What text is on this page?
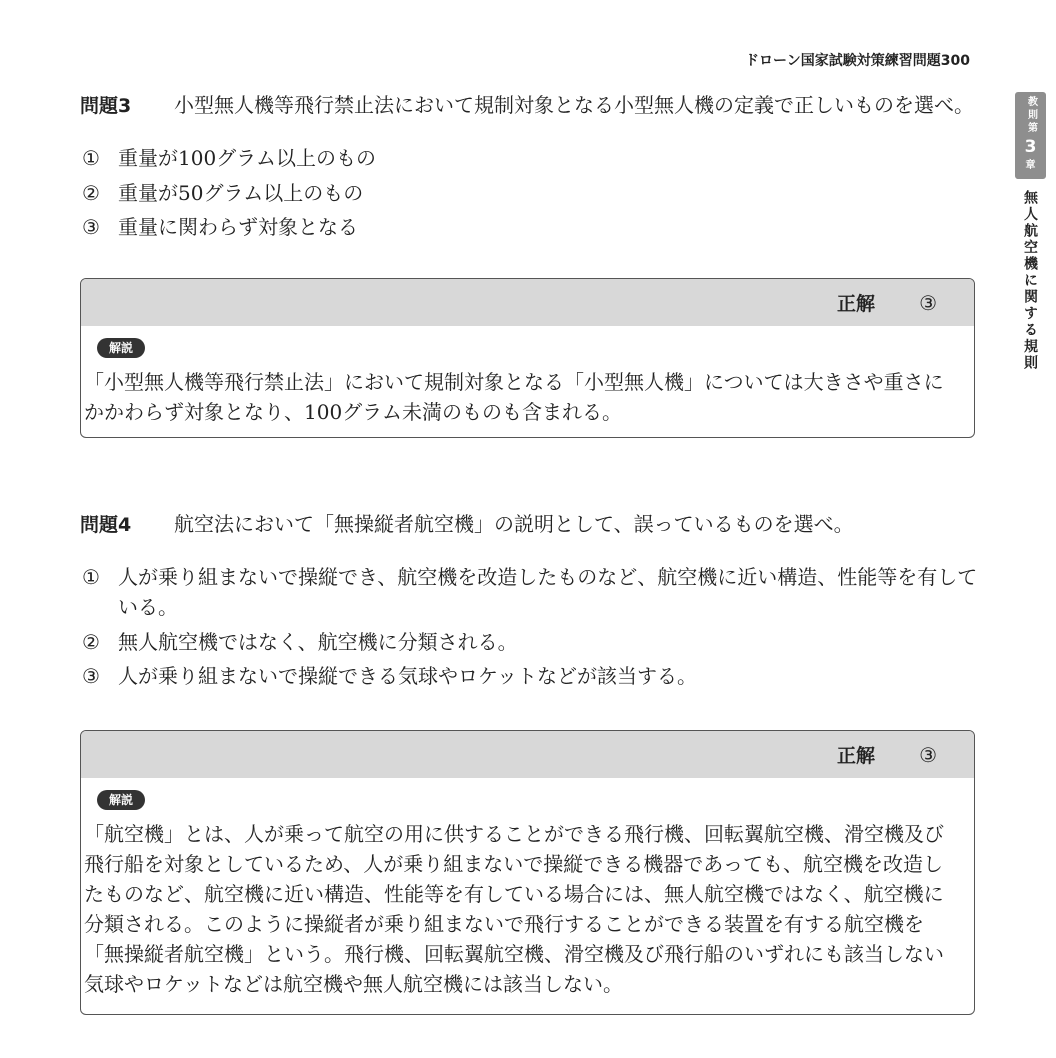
ドローン国家試験対策練習問題300
教則第
3
章
無人航空機に関する規則
問題3 小型無人機等飛行禁止法において規制対象となる小型無人機の定義で正しいものを選べ。
① 重量が100グラム以上のもの
② 重量が50グラム以上のもの
③ 重量に関わらず対象となる
正解 ③
解説
「小型無人機等飛行禁止法」において規制対象となる「小型無人機」については大きさや重さに
かかわらず対象となり、100グラム未満のものも含まれる。
問題4 航空法において「無操縦者航空機」の説明として、誤っているものを選べ。
① 人が乗り組まないで操縦でき、航空機を改造したものなど、航空機に近い構造、性能等を有して
いる。
② 無人航空機ではなく、航空機に分類される。
③ 人が乗り組まないで操縦できる気球やロケットなどが該当する。
正解 ③
解説
「航空機」とは、人が乗って航空の用に供することができる飛行機、回転翼航空機、滑空機及び
飛行船を対象としているため、人が乗り組まないで操縦できる機器であっても、航空機を改造し
たものなど、航空機に近い構造、性能等を有している場合には、無人航空機ではなく、航空機に
分類される。このように操縦者が乗り組まないで飛行することができる装置を有する航空機を
「無操縦者航空機」という。飛行機、回転翼航空機、滑空機及び飛行船のいずれにも該当しない
気球やロケットなどは航空機や無人航空機には該当しない。
